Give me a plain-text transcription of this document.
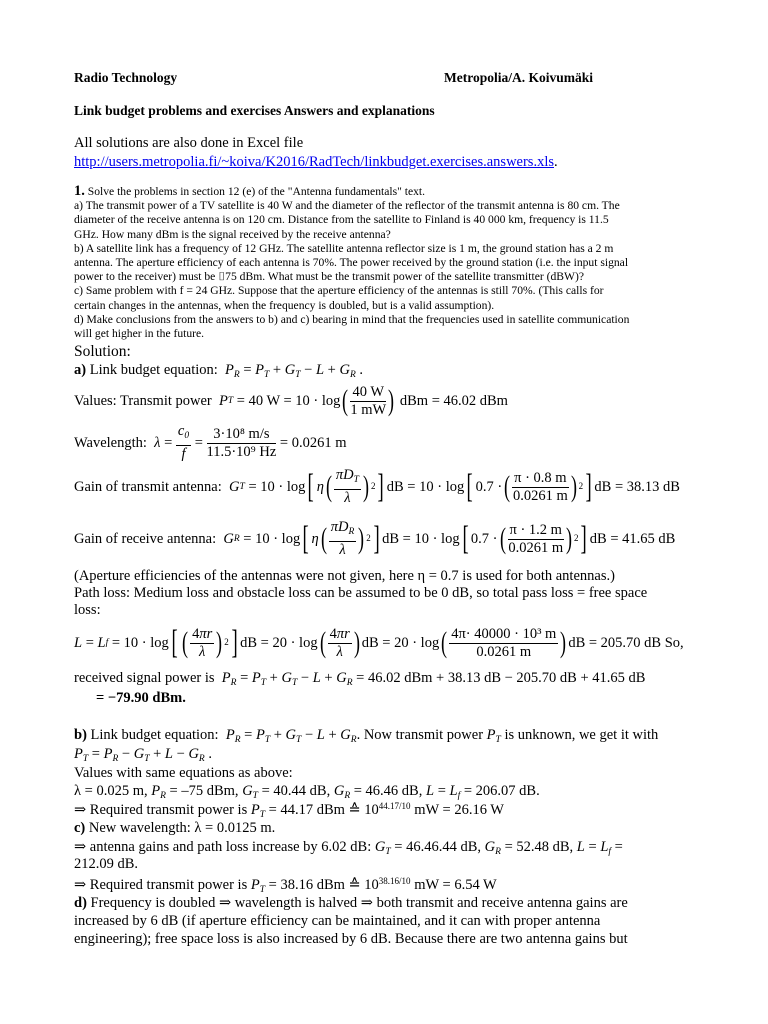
Radio Technology	Metropolia/A. Koivumäki
Link budget problems and exercises Answers and explanations
All solutions are also done in Excel file
http://users.metropolia.fi/~koiva/K2016/RadTech/linkbudget.exercises.answers.xls.
1. Solve the problems in section 12 (e) of the "Antenna fundamentals" text.
a) The transmit power of a TV satellite is 40 W and the diameter of the reflector of the transmit antenna is 80 cm. The
diameter of the receive antenna is on 120 cm. Distance from the satellite to Finland is 40 000 km, frequency is 11.5
GHz. How many dBm is the signal received by the receive antenna?
b) A satellite link has a frequency of 12 GHz. The satellite antenna reflector size is 1 m, the ground station has a 2 m
antenna. The aperture efficiency of each antenna is 70%. The power received by the ground station (i.e. the input signal
power to the receiver) must be ⌷75 dBm. What must be the transmit power of the satellite transmitter (dBW)?
c) Same problem with f = 24 GHz. Suppose that the aperture efficiency of the antennas is still 70%. (This calls for
certain changes in the antennas, when the frequency is doubled, but is a valid assumption).
d) Make conclusions from the answers to b) and c) bearing in mind that the frequencies used in satellite communication
will get higher in the future.
Solution:
a) Link budget equation: $P_R = P_T + G_T - L + G_R$ .
Values: Transmit power
P T
= 40 W = 10 · log ( $\frac{40 W}{1 mW}$ )
dBm = 46.02 dBm
Wavelength:
$\lambda = \frac{c_0}{f} = \frac{\text{3·10⁸ m/s}}{\text{11.5·10⁹ Hz}}$
= 0.0261 m
Gain of transmit antenna:
G T = 10 · log [ η ( $\frac{\pi D_T}{\lambda}$ ) 2 ] dB = 10 · log [ 0.7 · ( $\frac{\pi \cdot 0.8 m}{0.0261 m}$ ) 2 ] dB = 38.13 dB
Gain of receive antenna:
G R = 10 · log [ η ( $\frac{\pi D_R}{\lambda}$ ) 2 ] dB = 10 · log [ 0.7 · ( $\frac{\pi \cdot 1.2 m}{0.0261 m}$ ) 2 ] dB = 41.65 dB
(Aperture efficiencies of the antennas were not given, here η = 0.7 is used for both antennas.)
Path loss: Medium loss and obstacle loss can be assumed to be 0 dB, so total pass loss = free space
loss:
L = L f = 10 · log [ ( $\frac{4\pi r}{\lambda}$ ) 2 ] dB = 20 · log ( $\frac{4\pi r}{\lambda}$ ) dB = 20 · log ( $\frac{\text{4π· 40000 · 10³ m}}{0.0261 m}$ ) dB = 205.70 dB So,
received signal power is $P_R = P_T + G_T - L + G_R = 46.02$ dBm + 38.13 dB − 205.70 dB + 41.65 dB
= −79.90 dBm.
b) Link budget equation: $P_R = P_T + G_T - L + G_R$. Now transmit power $P_T$ is unknown, we get it with
$P_T = P_R - G_T + L - G_R$ .
Values with same equations as above:
λ = 0.025 m, $P_R = -75$ dBm, $G_T = 40.44$ dB, $G_R = 46.46$ dB, $L = L_f = 206.07$ dB.
⇒ Required transmit power is $P_T = 44.17$ dBm ≙ $10^{44.17/10}$ mW = 26.16 W
c) New wavelength: λ = 0.0125 m.
⇒ antenna gains and path loss increase by 6.02 dB: $G_T = 46.46.44$ dB, $G_R = 52.48$ dB, $L = L_f$ =
212.09 dB.
⇒ Required transmit power is $P_T = 38.16$ dBm ≙ $10^{38.16/10}$ mW = 6.54 W
d) Frequency is doubled ⇒ wavelength is halved ⇒ both transmit and receive antenna gains are
increased by 6 dB (if aperture efficiency can be maintained, and it can with proper antenna
engineering); free space loss is also increased by 6 dB. Because there are two antenna gains but
